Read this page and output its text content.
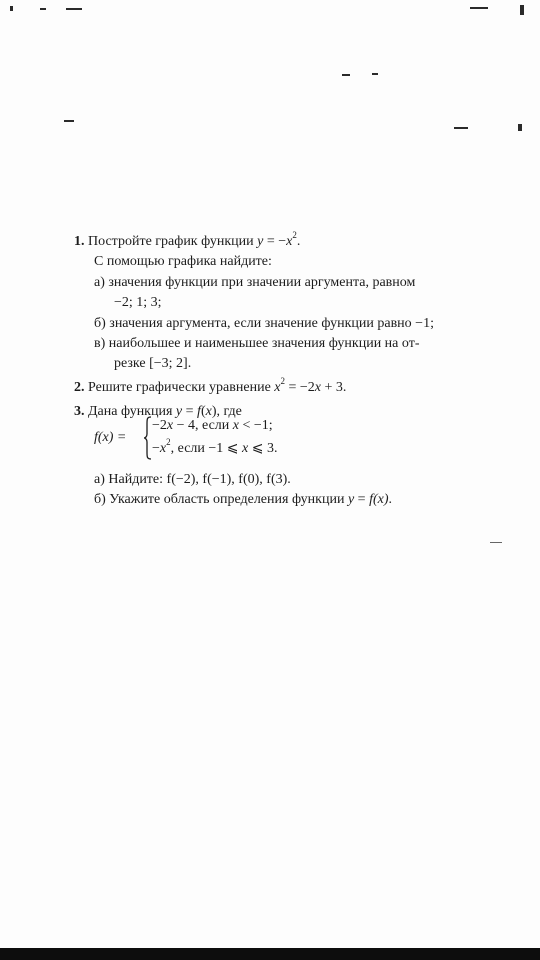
1. Постройте график функции $y = -x^2$.
С помощью графика найдите:
а) значения функции при значении аргумента, равном
−2; 1; 3;
б) значения аргумента, если значение функции равно −1;
в) наибольшее и наименьшее значения функции на от-
резке [−3; 2].
2. Решите графически уравнение $x^2 = -2x + 3$.
3. Дана функция y = f(x), где
f(x) =
−2x − 4, если x < −1;
$-x^2$, если −1 ⩽ x ⩽ 3.
а) Найдите: f(−2), f(−1), f(0), f(3).
б) Укажите область определения функции y = f(x).
